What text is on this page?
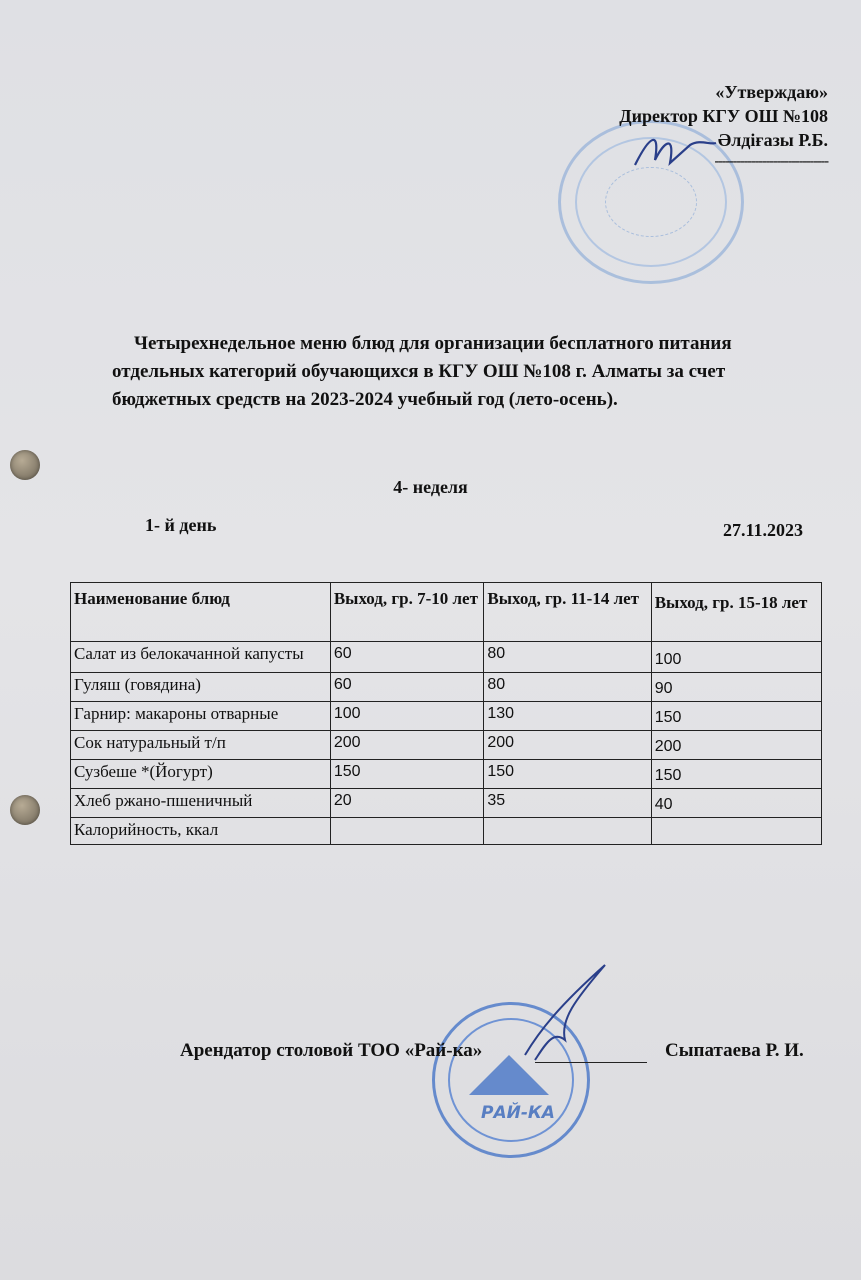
«Утверждаю»
Директор КГУ ОШ №108
Әлдіғазы Р.Б.
-------------------------------
Четырехнедельное меню блюд для организации бесплатного питания отдельных категорий обучающихся в КГУ ОШ №108 г. Алматы за счет бюджетных средств на 2023-2024 учебный год (лето-осень).
4- неделя
1- й день	27.11.2023
Наименование блюд	Выход, гр. 7-10 лет	Выход, гр. 11-14 лет	Выход, гр. 15-18 лет
Салат из белокачанной капусты	60	80	100
Гуляш (говядина)	60	80	90
Гарнир: макароны отварные	100	130	150
Сок натуральный т/п	200	200	200
Сузбеше *(Йогурт)	150	150	150
Хлеб ржано-пшеничный	20	35	40
Калорийность, ккал			
РАЙ-КА
Арендатор столовой ТОО «Рай-ка»	Сыпатаева Р. И.
